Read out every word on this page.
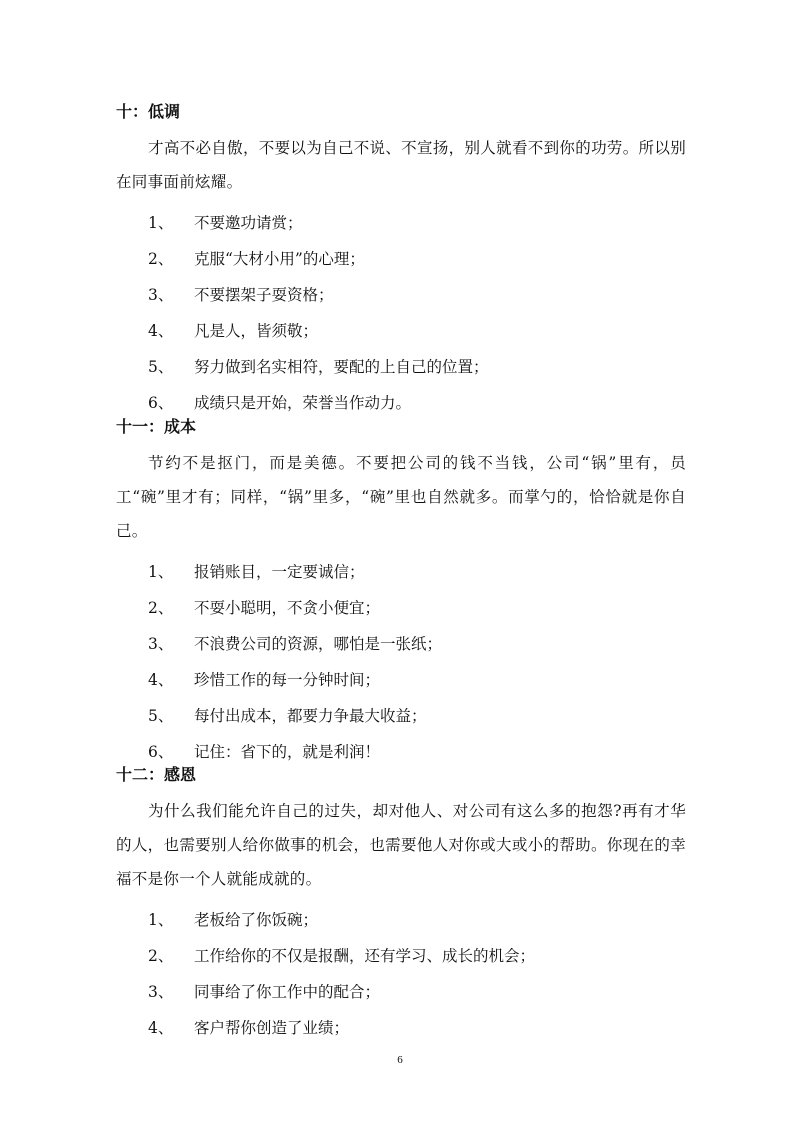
十：低调

才高不必自傲，不要以为自己不说、不宣扬，别人就看不到你的功劳。所以别在同事面前炫耀。

1、 不要邀功请赏；
2、 克服“大材小用”的心理；
3、 不要摆架子耍资格；
4、 凡是人，皆须敬；
5、 努力做到名实相符，要配的上自己的位置；
6、 成绩只是开始，荣誉当作动力。
十一：成本

节约不是抠门，而是美德。不要把公司的钱不当钱，公司“锅”里有，员工“碗”里才有；同样，“锅”里多，“碗”里也自然就多。而掌勺的，恰恰就是你自己。

1、 报销账目，一定要诚信；
2、 不耍小聪明，不贪小便宜；
3、 不浪费公司的资源，哪怕是一张纸；
4、 珍惜工作的每一分钟时间；
5、 每付出成本，都要力争最大收益；
6、 记住：省下的，就是利润！
十二：感恩

为什么我们能允许自己的过失，却对他人、对公司有这么多的抱怨?再有才华的人，也需要别人给你做事的机会，也需要他人对你或大或小的帮助。你现在的幸福不是你一个人就能成就的。

1、 老板给了你饭碗；
2、 工作给你的不仅是报酬，还有学习、成长的机会；
3、 同事给了你工作中的配合；
4、 客户帮你创造了业绩；
6
